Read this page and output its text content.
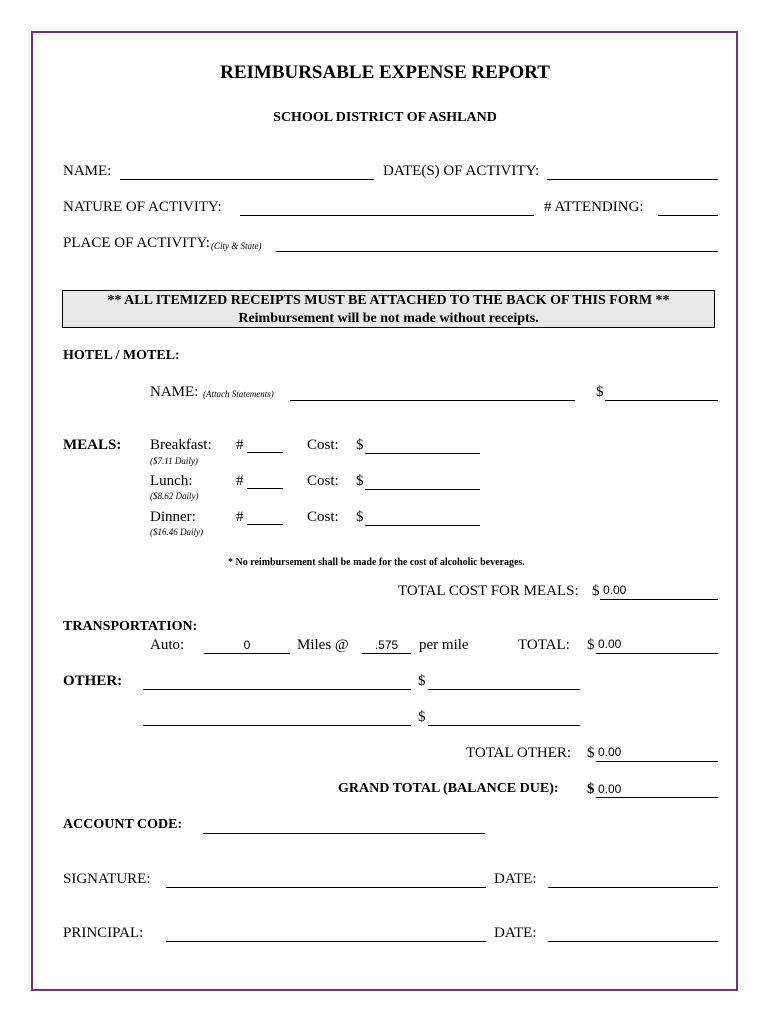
REIMBURSABLE EXPENSE REPORT
SCHOOL DISTRICT OF ASHLAND
NAME:	DATE(S) OF ACTIVITY:
NATURE OF ACTIVITY:	# ATTENDING:
PLACE OF ACTIVITY: (City & State)
** ALL ITEMIZED RECEIPTS MUST BE ATTACHED TO THE BACK OF THIS FORM **
Reimbursement will be not made without receipts.
HOTEL / MOTEL:
NAME: (Attach Statements)	$
MEALS: Breakfast:
($7.11 Daily)
#	Cost: $
Lunch:
($8.62 Daily)
#	Cost: $
Dinner:
($16.46 Daily)
#	Cost: $
* No reimbursement shall be made for the cost of alcoholic beverages.
TOTAL COST FOR MEALS: $ 0.00
TRANSPORTATION:
Auto:	0	Miles @	.575	per mile	TOTAL: $ 0.00
OTHER:	$
$
TOTAL OTHER: $ 0.00
GRAND TOTAL (BALANCE DUE): $ 0.00
ACCOUNT CODE:
SIGNATURE:	DATE:
PRINCIPAL:	DATE:
